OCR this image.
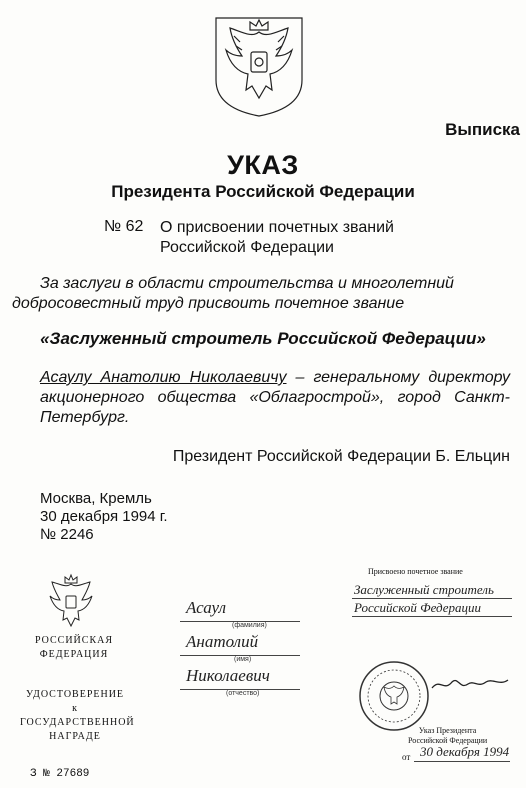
Выписка
УКАЗ
Президента Российской Федерации
№ 62 О присвоении почетных званий
Российской Федерации
За заслуги в области строительства и многолетний добросовестный труд присвоить почетное звание
«Заслуженный строитель Российской Федерации»
Асаулу Анатолию Николаевичу – генеральному директору акционерного общества «Облагрострой», город Санкт-Петербург.
Президент Российской Федерации Б. Ельцин
Москва, Кремль
30 декабря 1994 г.
№ 2246
РОССИЙСКАЯ
ФЕДЕРАЦИЯ
УДОСТОВЕРЕНИЕ
к
ГОСУДАРСТВЕННОЙ
НАГРАДЕ
З № 27689
Асаул
(фамилия)
Анатолий
(имя)
Николаевич
(отчество)
Присвоено почетное звание
Заслуженный строитель
Российской Федерации
Указ Президента
Российской Федерации
от 30 декабря 1994
